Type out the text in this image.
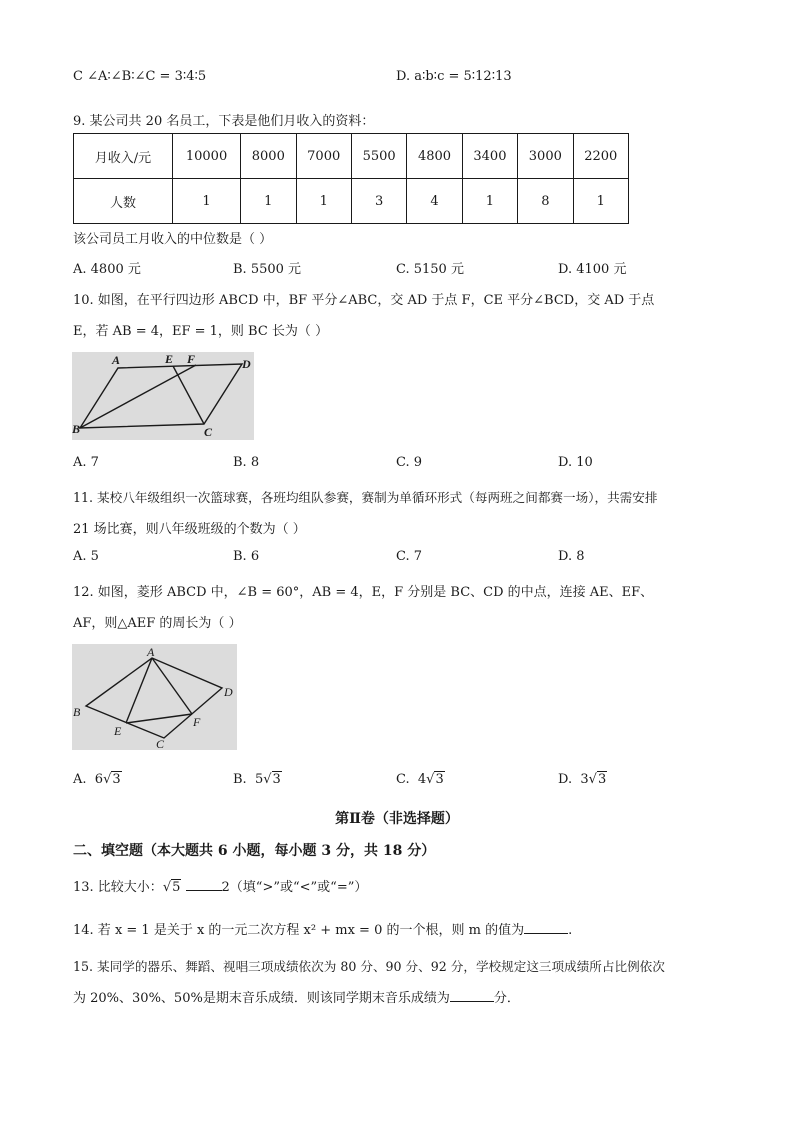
C ∠A∶∠B∶∠C = 3∶4∶5	D. a∶b∶c = 5∶12∶13
9. 某公司共 20 名员工，下表是他们月收入的资料：
月收入/元	10000	8000	7000	5500	4800	3400	3000	2200
人数	1	1	1	3	4	1	8	1
该公司员工月收入的中位数是（ ）
A. 4800 元	B. 5500 元	C. 5150 元	D. 4100 元
10. 如图，在平行四边形 ABCD 中，BF 平分∠ABC，交 AD 于点 F，CE 平分∠BCD，交 AD 于点
E，若 AB = 4，EF = 1，则 BC 长为（ ）
A	E F	D
B	C
A. 7	B. 8	C. 9	D. 10
11. 某校八年级组织一次篮球赛，各班均组队参赛，赛制为单循环形式（每两班之间都赛一场），共需安排
21 场比赛，则八年级班级的个数为（ ）
A. 5	B. 6	C. 7	D. 8
12. 如图，菱形 ABCD 中，∠B = 60°，AB = 4，E，F 分别是 BC、CD 的中点，连接 AE、EF、
AF，则△AEF 的周长为（ ）
A
D
B
F
E
C
A. 6√3	B. 5√3	C. 4√3	D. 3√3
第Ⅱ卷（非选择题）
二、填空题（本大题共 6 小题，每小题 3 分，共 18 分）
13. 比较大小：√5	2（填“>”或“<”或“=”）
14. 若 x = 1 是关于 x 的一元二次方程 x² + mx = 0 的一个根，则 m 的值为	.
15. 某同学的器乐、舞蹈、视唱三项成绩依次为 80 分、90 分、92 分，学校规定这三项成绩所占比例依次
为 20%、30%、50%是期末音乐成绩．则该同学期末音乐成绩为	分．
